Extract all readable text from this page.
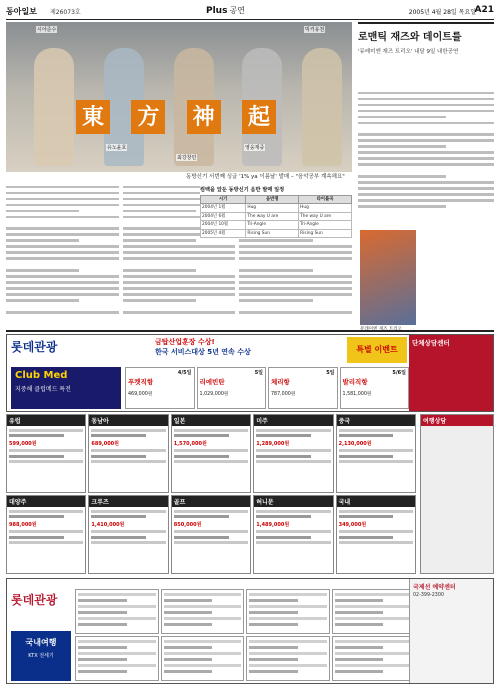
동아일보 제26073호	Plus 공연	2005년 4월 28일 목요일
A21
東 方 神 起
시아준수
유노윤호
최강창민
영웅재중
믹키유천
동방신기 서번째 싱글 '1% ya 이름날' 발매 – "음악공부 계속해요"
로맨틱 재즈와 데이트를
'뮤레미엔 재즈 트리오' 내달 9일 내한공연
컴백을 앞둔 동방신기 음반 발매 일정
시기	음반명	타이틀곡
2004년 1월	Hug	Hug
2004년 6월	The way U are	The way U are
2004년 10월	Tri-Angle	Tri-Angle
2005년 4월	Rising Sun	Rising Sun
롯데관광	금탑산업훈장 수상!
한국 서비스대상 5년 연속 수상	특별 이벤트
단체상담센터
Club Med
지중해 클럽메드 특전
푸켓직항
4/5일
469,000원
리에빈탄
5일
1,029,000원
체리항
5일
787,000원
발리직항
5/6일
1,581,000원
유럽
599,000원
동남아
689,000원
일본
1,570,000원
미주
1,289,000원
중국
2,130,000원
대양주
988,000원
크루즈
1,410,000원
골프
850,000원
허니문
1,489,000원
국내
349,000원
여행상담
롯데관광
국내여행
KTX 전세기
국제선 예약센터
02-399-2300
